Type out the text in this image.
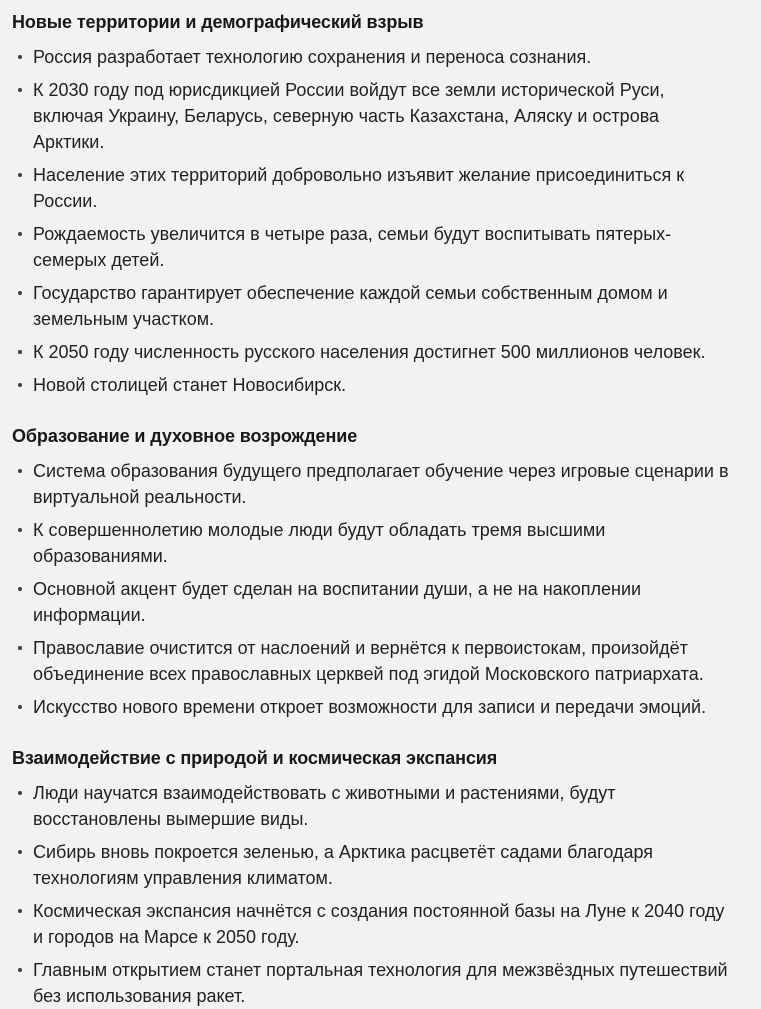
Новые территории и демографический взрыв
Россия разработает технологию сохранения и переноса сознания.
К 2030 году под юрисдикцией России войдут все земли исторической Руси, включая Украину, Беларусь, северную часть Казахстана, Аляску и острова Арктики.
Население этих территорий добровольно изъявит желание присоединиться к России.
Рождаемость увеличится в четыре раза, семьи будут воспитывать пятерых-семерых детей.
Государство гарантирует обеспечение каждой семьи собственным домом и земельным участком.
К 2050 году численность русского населения достигнет 500 миллионов человек.
Новой столицей станет Новосибирск.
Образование и духовное возрождение
Система образования будущего предполагает обучение через игровые сценарии в виртуальной реальности.
К совершеннолетию молодые люди будут обладать тремя высшими образованиями.
Основной акцент будет сделан на воспитании души, а не на накоплении информации.
Православие очистится от наслоений и вернётся к первоистокам, произойдёт объединение всех православных церквей под эгидой Московского патриархата.
Искусство нового времени откроет возможности для записи и передачи эмоций.
Взаимодействие с природой и космическая экспансия
Люди научатся взаимодействовать с животными и растениями, будут восстановлены вымершие виды.
Сибирь вновь покроется зеленью, а Арктика расцветёт садами благодаря технологиям управления климатом.
Космическая экспансия начнётся с создания постоянной базы на Луне к 2040 году и городов на Марсе к 2050 году.
Главным открытием станет портальная технология для межзвёздных путешествий без использования ракет.
